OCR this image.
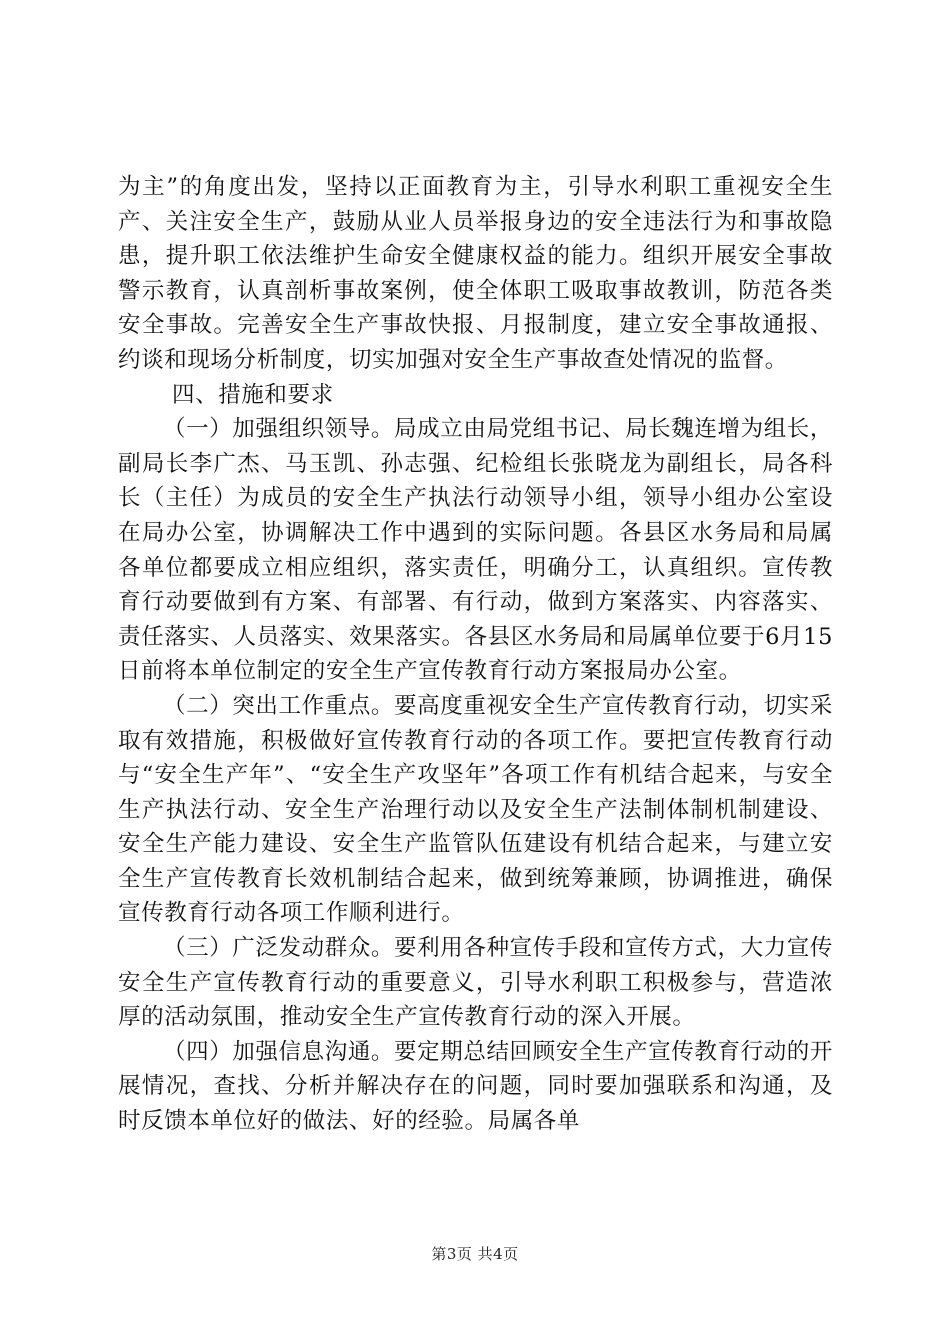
为主”的角度出发，坚持以正面教育为主，引导水利职工重视安全生产、关注安全生产，鼓励从业人员举报身边的安全违法行为和事故隐患，提升职工依法维护生命安全健康权益的能力。组织开展安全事故警示教育，认真剖析事故案例，使全体职工吸取事故教训，防范各类安全事故。完善安全生产事故快报、月报制度，建立安全事故通报、约谈和现场分析制度，切实加强对安全生产事故查处情况的监督。

四、措施和要求

（一）加强组织领导。局成立由局党组书记、局长魏连增为组长，副局长李广杰、马玉凯、孙志强、纪检组长张晓龙为副组长，局各科长（主任）为成员的安全生产执法行动领导小组，领导小组办公室设在局办公室，协调解决工作中遇到的实际问题。各县区水务局和局属各单位都要成立相应组织，落实责任，明确分工，认真组织。宣传教育行动要做到有方案、有部署、有行动，做到方案落实、内容落实、责任落实、人员落实、效果落实。各县区水务局和局属单位要于6月15日前将本单位制定的安全生产宣传教育行动方案报局办公室。

（二）突出工作重点。要高度重视安全生产宣传教育行动，切实采取有效措施，积极做好宣传教育行动的各项工作。要把宣传教育行动与“安全生产年”、“安全生产攻坚年”各项工作有机结合起来，与安全生产执法行动、安全生产治理行动以及安全生产法制体制机制建设、安全生产能力建设、安全生产监管队伍建设有机结合起来，与建立安全生产宣传教育长效机制结合起来，做到统筹兼顾，协调推进，确保宣传教育行动各项工作顺利进行。

（三）广泛发动群众。要利用各种宣传手段和宣传方式，大力宣传安全生产宣传教育行动的重要意义，引导水利职工积极参与，营造浓厚的活动氛围，推动安全生产宣传教育行动的深入开展。

（四）加强信息沟通。要定期总结回顾安全生产宣传教育行动的开展情况，查找、分析并解决存在的问题，同时要加强联系和沟通，及时反馈本单位好的做法、好的经验。局属各单

第3页 共4页
